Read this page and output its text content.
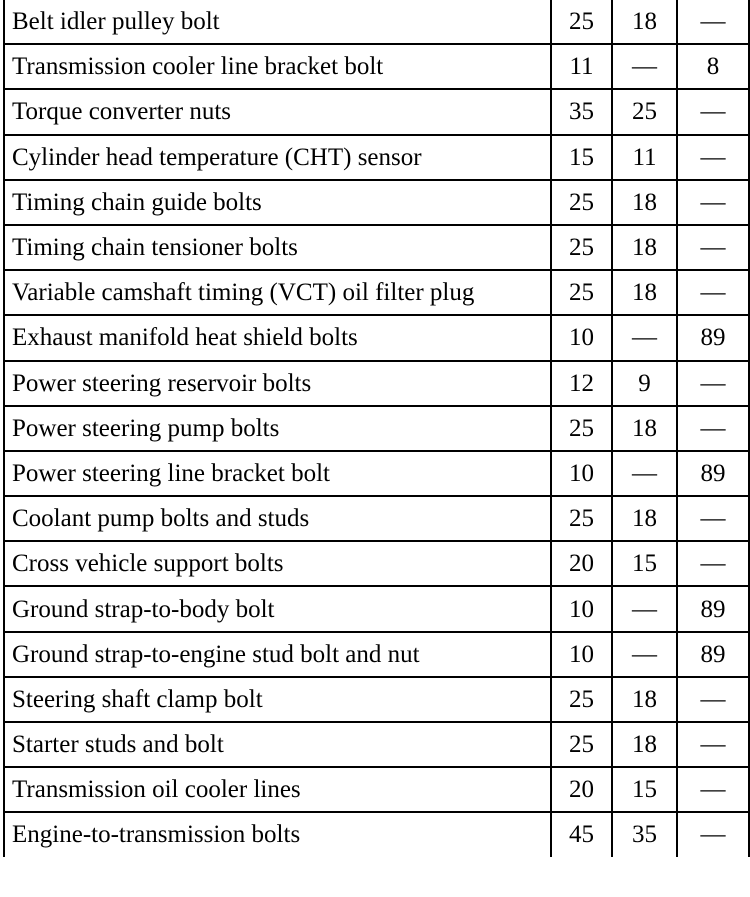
Belt idler pulley bolt	25	18	—
Transmission cooler line bracket bolt	11	—	8
Torque converter nuts	35	25	—
Cylinder head temperature (CHT) sensor	15	11	—
Timing chain guide bolts	25	18	—
Timing chain tensioner bolts	25	18	—
Variable camshaft timing (VCT) oil filter plug	25	18	—
Exhaust manifold heat shield bolts	10	—	89
Power steering reservoir bolts	12	9	—
Power steering pump bolts	25	18	—
Power steering line bracket bolt	10	—	89
Coolant pump bolts and studs	25	18	—
Cross vehicle support bolts	20	15	—
Ground strap-to-body bolt	10	—	89
Ground strap-to-engine stud bolt and nut	10	—	89
Steering shaft clamp bolt	25	18	—
Starter studs and bolt	25	18	—
Transmission oil cooler lines	20	15	—
Engine-to-transmission bolts	45	35	—
